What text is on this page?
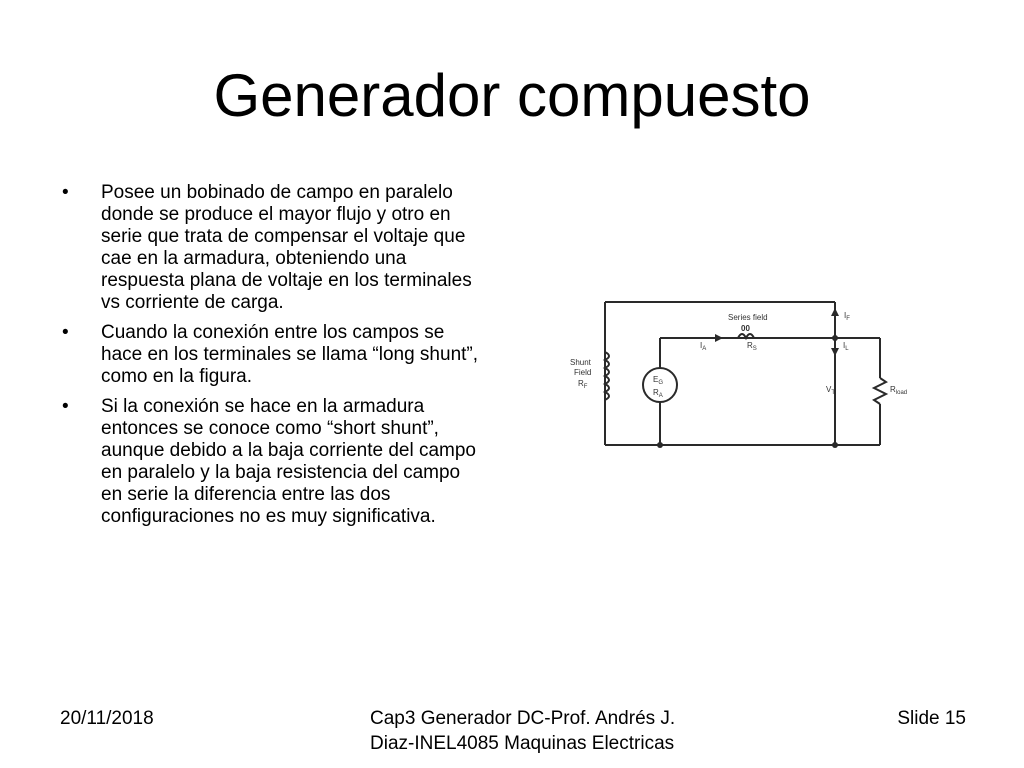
Generador compuesto
• Posee un bobinado de campo en paralelo donde se produce el mayor flujo y otro en serie que trata de compensar el voltaje que cae en la armadura, obteniendo una respuesta plana de voltaje en los terminales vs corriente de carga.
• Cuando la conexión entre los campos se hace en los terminales se llama “long shunt”, como en la figura.
• Si la conexión se hace en la armadura entonces se conoce como “short shunt”, aunque debido a la baja corriente del campo en paralelo y la baja resistencia del campo en serie la diferencia entre las dos configuraciones no es muy significativa.
Series field
00
Shunt
Field
$R_F$
$E_G$
$R_A$
$I_A$	$R_S$
$I_F$
$I_L$
$V_T$	$R_{load}$
20/11/2018	Cap3 Generador DC-Prof. Andrés J.
Diaz-INEL4085 Maquinas Electricas
Slide 15
